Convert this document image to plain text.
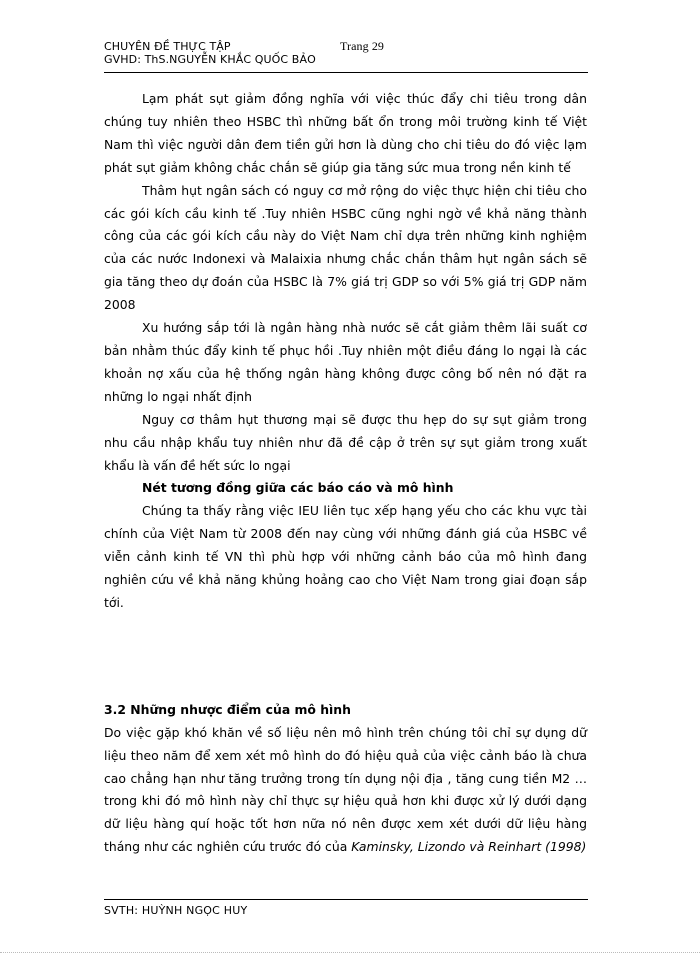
CHUYÊN ĐỀ THỰC TẬP	Trang 29
GVHD: ThS.NGUYỄN KHẮC QUỐC BẢO

Lạm phát sụt giảm đồng nghĩa với việc thúc đẩy chi tiêu trong dân chúng tuy nhiên theo HSBC thì những bất ổn trong môi trường kinh tế Việt Nam thì việc người dân đem tiền gửi hơn là dùng cho chi tiêu do đó việc lạm phát sụt giảm không chắc chắn sẽ giúp gia tăng sức mua trong nền kinh tế

Thâm hụt ngân sách có nguy cơ mở rộng do việc thực hiện chi tiêu cho các gói kích cầu kinh tế .Tuy nhiên HSBC cũng nghi ngờ về khả năng thành công của các gói kích cầu này do Việt Nam chỉ dựa trên những kinh nghiệm của các nước Indonexi và Malaixia nhưng chắc chắn thâm hụt ngân sách sẽ gia tăng theo dự đoán của HSBC là 7% giá trị GDP so với 5% giá trị GDP năm 2008

Xu hướng sắp tới là ngân hàng nhà nước sẽ cắt giảm thêm lãi suất cơ bản nhằm thúc đẩy kinh tế phục hồi .Tuy nhiên một điều đáng lo ngại là các khoản nợ xấu của hệ thống ngân hàng không được công bố nên nó đặt ra những lo ngại nhất định

Nguy cơ thâm hụt thương mại sẽ được thu hẹp do sự sụt giảm trong nhu cầu nhập khẩu tuy nhiên như đã đề cập ở trên sự sụt giảm trong xuất khẩu là vấn đề hết sức lo ngại

Nét tương đồng giữa các báo cáo và mô hình

Chúng ta thấy rằng việc IEU liên tục xếp hạng yếu cho các khu vực tài chính của Việt Nam từ 2008 đến nay cùng với những đánh giá của HSBC về viễn cảnh kinh tế VN thì phù hợp với những cảnh báo của mô hình đang nghiên cứu về khả năng khủng hoảng cao cho Việt Nam trong giai đoạn sắp tới.

3.2 Những nhược điểm của mô hình

Do việc gặp khó khăn về số liệu nên mô hình trên chúng tôi chỉ sự dụng dữ liệu theo năm để xem xét mô hình do đó hiệu quả của việc cảnh báo là chưa cao chẳng hạn như tăng trưởng trong tín dụng nội địa , tăng cung tiền M2 … trong khi đó mô hình này chỉ thực sự hiệu quả hơn khi được xử lý dưới dạng dữ liệu hàng quí hoặc tốt hơn nữa nó nên được xem xét dưới dữ liệu hàng tháng như các nghiên cứu trước đó của Kaminsky, Lizondo và Reinhart (1998)

SVTH: HUỲNH NGỌC HUY
